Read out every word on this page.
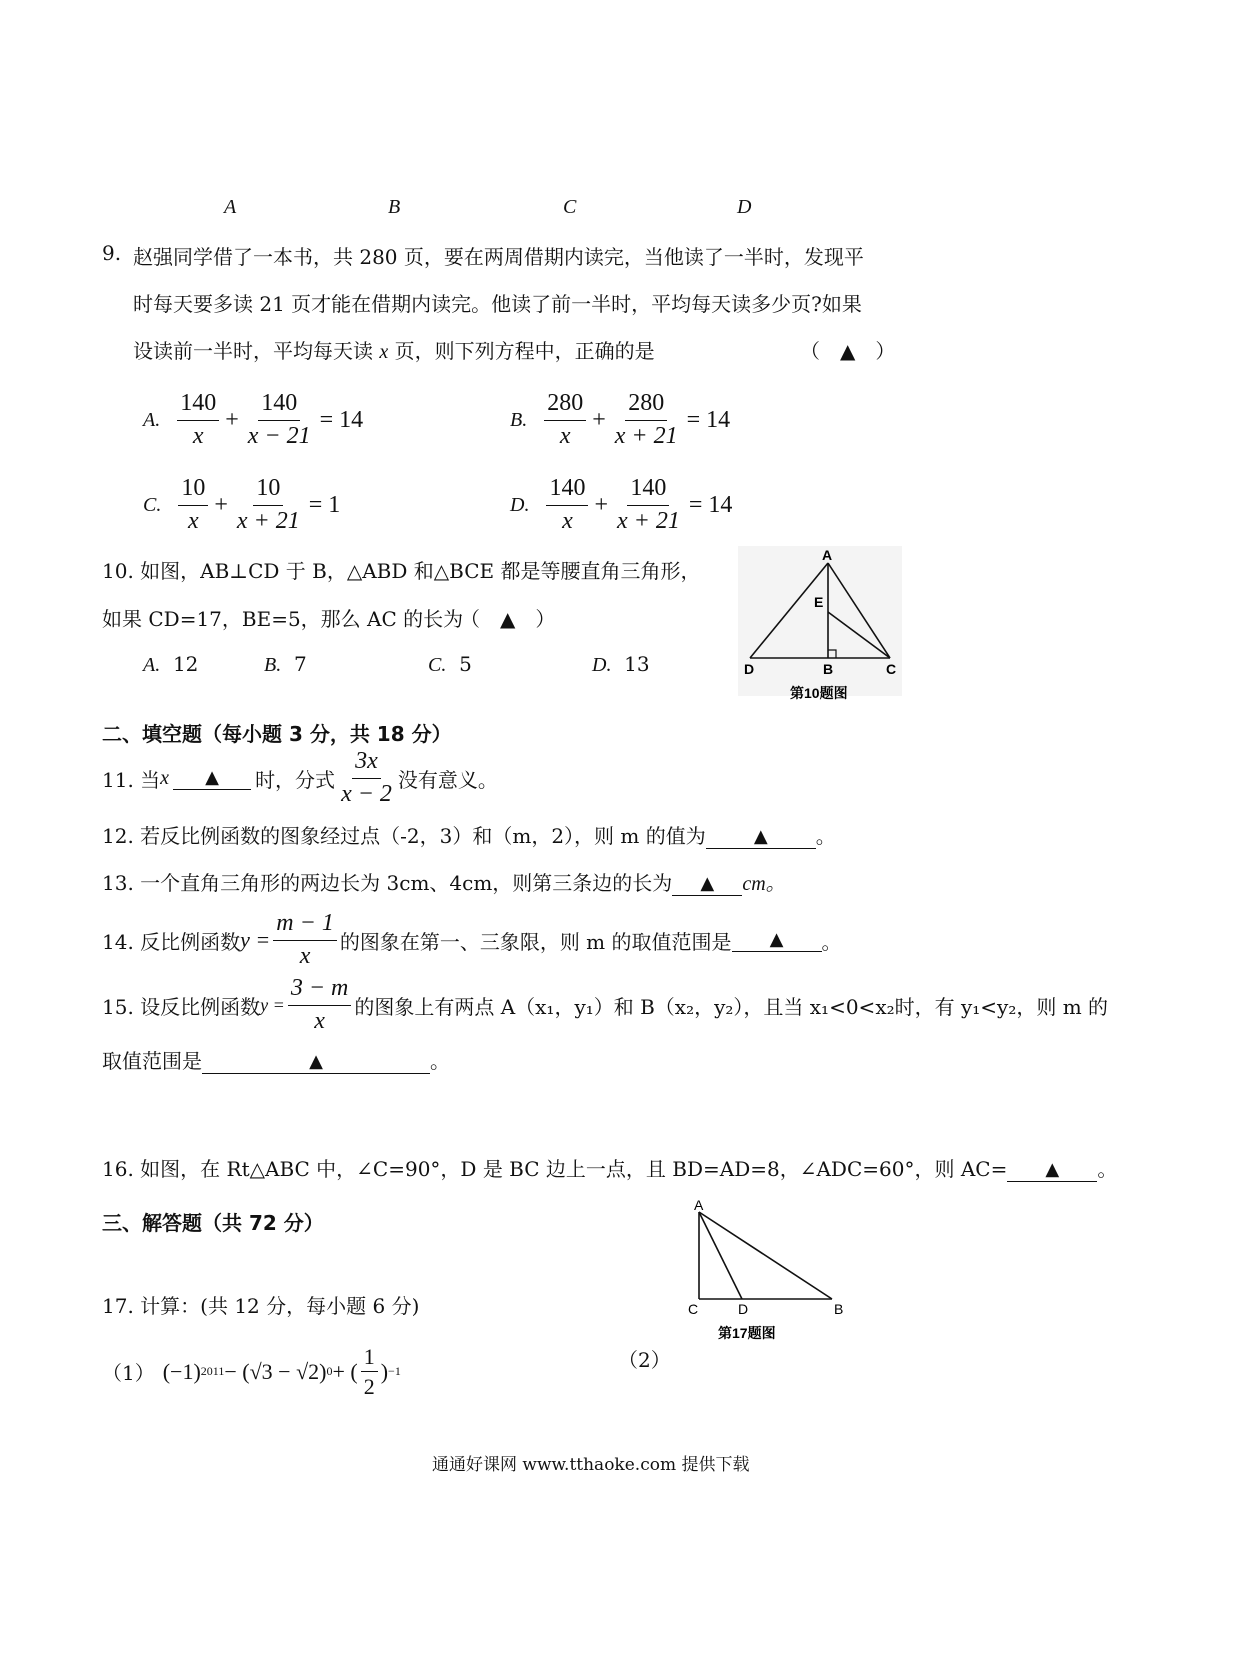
A	B	C	D
9. 赵强同学借了一本书，共 280 页，要在两周借期内读完，当他读了一半时，发现平
时每天要多读 21 页才能在借期内读完。他读了前一半时，平均每天读多少页?如果
设读前一半时，平均每天读 x 页，则下列方程中，正确的是	（　▲　）
A. $\frac{140}{x} + \frac{140}{x - 21} = 14$	B. $\frac{280}{x} + \frac{280}{x + 21} = 14$
C. $\frac{10}{x} + \frac{10}{x + 21} = 1$	D. $\frac{140}{x} + \frac{140}{x + 21} = 14$
10. 如图，AB⊥CD 于 B，△ABD 和△BCE 都是等腰直角三角形，
如果 CD=17，BE=5，那么 AC 的长为
（　▲　）
A. 12	B. 7	C. 5	D. 13
A
E
D	B	C
第10题图
二、填空题（每小题 3 分，共 18 分）
11. 当 x	▲	时，分式 $\frac{3x}{x - 2}$ 没有意义。
12. 若反比例函数的图象经过点（-2，3）和（m，2），则 m 的值为	▲	。
13. 一个直角三角形的两边长为 3cm、4cm，则第三条边的长为	▲	cm。
14. 反比例函数 $y = \frac{m - 1}{x}$ 的图象在第一、三象限，则 m 的取值范围是	▲	。
15. 设反比例函数 $y = \frac{3 - m}{x}$ 的图象上有两点 A（x₁，y₁）和 B（x₂，y₂），且当 x₁<0<x₂时，有 y₁<y₂，则 m 的
取值范围是	▲	。
16. 如图，在 Rt△ABC 中，∠C=90°，D 是 BC 边上一点，且 BD=AD=8，∠ADC=60°，则 AC=	▲	。
三、解答题（共 72 分）
17. 计算：(共 12 分，每小题 6 分)
（1） (−1) 2011 − (√3 − √2) 0 + ( $\frac{1}{2}$ ) −1	（2）
A
C	D	B
第17题图
通通好课网 www.tthaoke.com 提供下载
